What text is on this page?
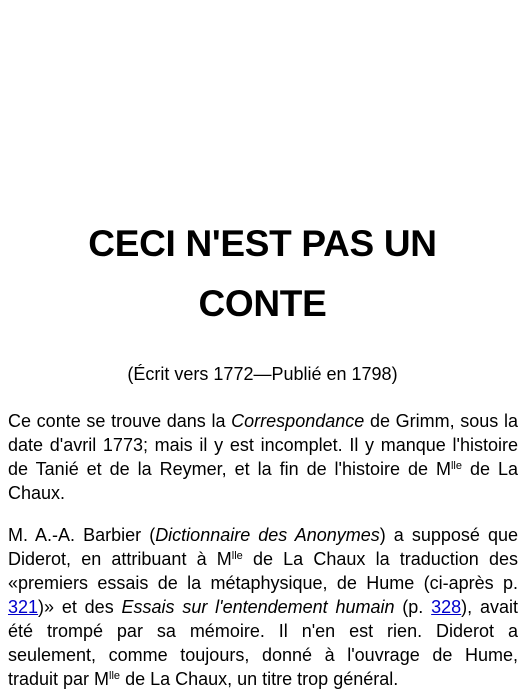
CECI N'EST PAS UN
CONTE
(Écrit vers 1772—Publié en 1798)

Ce conte se trouve dans la Correspondance de Grimm, sous la date d'avril 1773; mais il y est incomplet. Il y manque l'histoire de Tanié et de la Reymer, et la fin de l'histoire de $M^{lle}$ de La Chaux.

M. A.-A. Barbier (Dictionnaire des Anonymes) a supposé que Diderot, en attribuant à $M^{lle}$ de La Chaux la traduction des «premiers essais de la métaphysique, de Hume (ci-après p. 321)» et des Essais sur l'entendement humain (p. 328), avait été trompé par sa mémoire. Il n'en est rien. Diderot a seulement, comme toujours, donné à l'ouvrage de Hume, traduit par $M^{lle}$ de La Chaux, un titre trop général.
